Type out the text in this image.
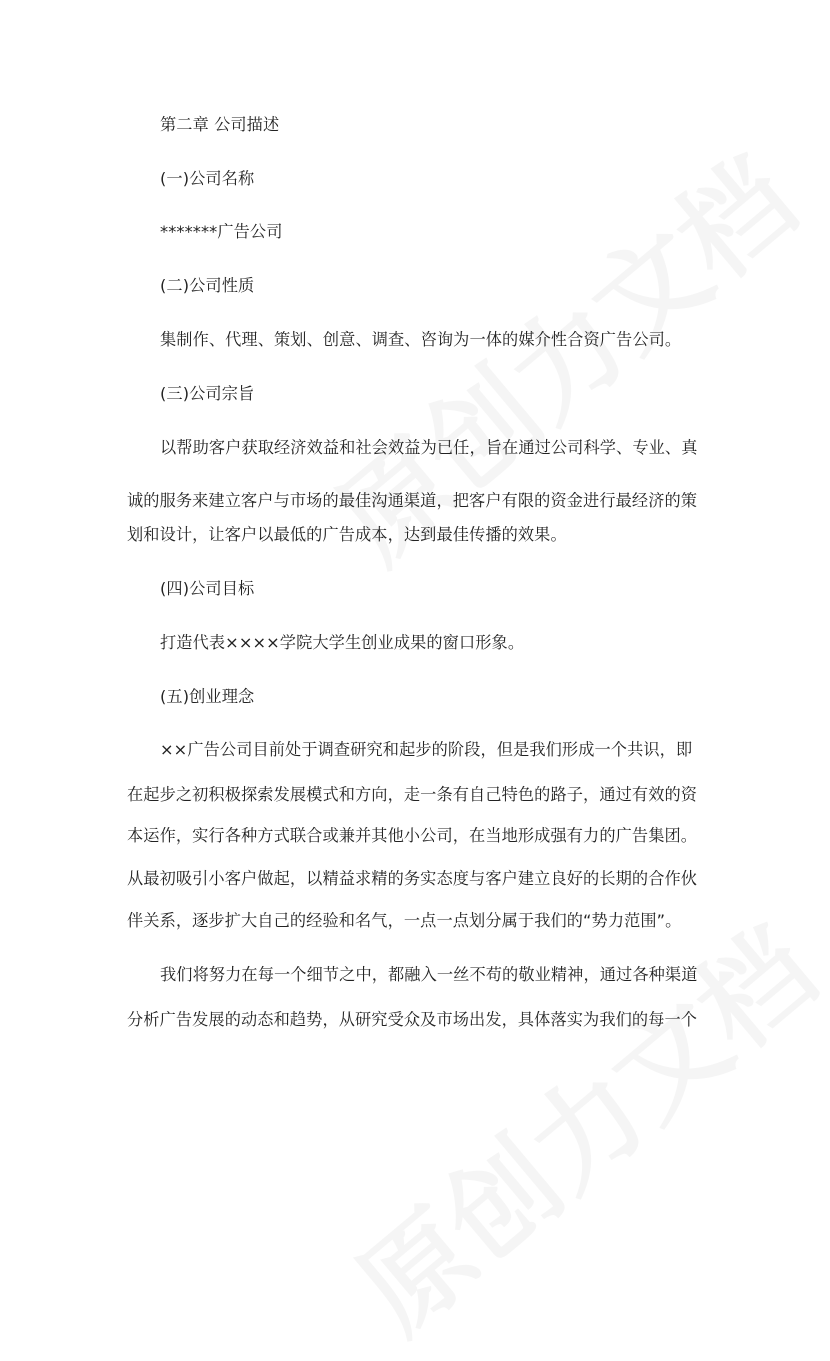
第二章 公司描述
(一)公司名称
*******广告公司
(二)公司性质
集制作、代理、策划、创意、调查、咨询为一体的媒介性合资广告公司。
(三)公司宗旨
以帮助客户获取经济效益和社会效益为已任，旨在通过公司科学、专业、真
诚的服务来建立客户与市场的最佳沟通渠道，把客户有限的资金进行最经济的策
划和设计，让客户以最低的广告成本，达到最佳传播的效果。
(四)公司目标
打造代表××××学院大学生创业成果的窗口形象。
(五)创业理念
××广告公司目前处于调查研究和起步的阶段，但是我们形成一个共识，即
在起步之初积极探索发展模式和方向，走一条有自己特色的路子，通过有效的资
本运作，实行各种方式联合或兼并其他小公司，在当地形成强有力的广告集团。
从最初吸引小客户做起，以精益求精的务实态度与客户建立良好的长期的合作伙
伴关系，逐步扩大自己的经验和名气，一点一点划分属于我们的“势力范围”。
我们将努力在每一个细节之中，都融入一丝不苟的敬业精神，通过各种渠道
分析广告发展的动态和趋势，从研究受众及市场出发，具体落实为我们的每一个
